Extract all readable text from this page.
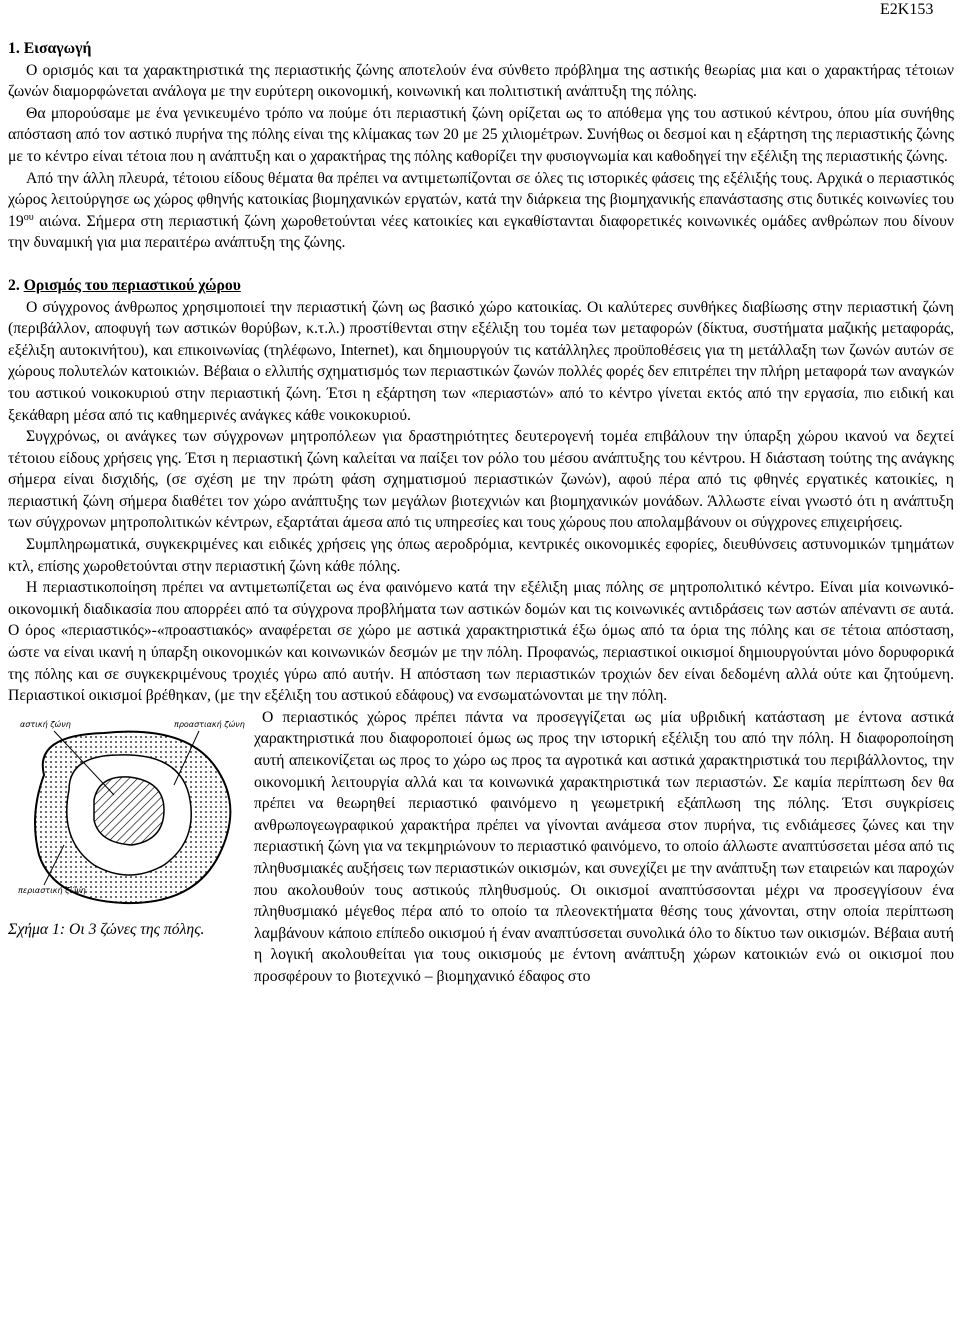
E2K153
1. Εισαγωγή

Ο ορισμός και τα χαρακτηριστικά της περιαστικής ζώνης αποτελούν ένα σύνθετο πρόβλημα της αστικής θεωρίας μια και ο χαρακτήρας τέτοιων ζωνών διαμορφώνεται ανάλογα με την ευρύτερη οικονομική, κοινωνική και πολιτιστική ανάπτυξη της πόλης.

Θα μπορούσαμε με ένα γενικευμένο τρόπο να πούμε ότι περιαστική ζώνη ορίζεται ως το απόθεμα γης του αστικού κέντρου, όπου μία συνήθης απόσταση από τον αστικό πυρήνα της πόλης είναι της κλίμακας των 20 με 25 χιλιομέτρων. Συνήθως οι δεσμοί και η εξάρτηση της περιαστικής ζώνης με το κέντρο είναι τέτοια που η ανάπτυξη και ο χαρακτήρας της πόλης καθορίζει την φυσιογνωμία και καθοδηγεί την εξέλιξη της περιαστικής ζώνης.

Από την άλλη πλευρά, τέτοιου είδους θέματα θα πρέπει να αντιμετωπίζονται σε όλες τις ιστορικές φάσεις της εξέλιξής τους. Αρχικά ο περιαστικός χώρος λειτούργησε ως χώρος φθηνής κατοικίας βιομηχανικών εργατών, κατά την διάρκεια της βιομηχανικής επανάστασης στις δυτικές κοινωνίες του $19^{o\upsilon}$ αιώνα. Σήμερα στη περιαστική ζώνη χωροθετούνται νέες κατοικίες και εγκαθίστανται διαφορετικές κοινωνικές ομάδες ανθρώπων που δίνουν την δυναμική για μια περαιτέρω ανάπτυξη της ζώνης.

2. Ορισμός του περιαστικού χώρου

Ο σύγχρονος άνθρωπος χρησιμοποιεί την περιαστική ζώνη ως βασικό χώρο κατοικίας. Οι καλύτερες συνθήκες διαβίωσης στην περιαστική ζώνη (περιβάλλον, αποφυγή των αστικών θορύβων, κ.τ.λ.) προστίθενται στην εξέλιξη του τομέα των μεταφορών (δίκτυα, συστήματα μαζικής μεταφοράς, εξέλιξη αυτοκινήτου), και επικοινωνίας (τηλέφωνο, Internet), και δημιουργούν τις κατάλληλες προϋποθέσεις για τη μετάλλαξη των ζωνών αυτών σε χώρους πολυτελών κατοικιών. Βέβαια ο ελλιπής σχηματισμός των περιαστικών ζωνών πολλές φορές δεν επιτρέπει την πλήρη μεταφορά των αναγκών του αστικού νοικοκυριού στην περιαστική ζώνη. Έτσι η εξάρτηση των «περιαστών» από το κέντρο γίνεται εκτός από την εργασία, πιο ειδική και ξεκάθαρη μέσα από τις καθημερινές ανάγκες κάθε νοικοκυριού.

Συγχρόνως, οι ανάγκες των σύγχρονων μητροπόλεων για δραστηριότητες δευτερογενή τομέα επιβάλουν την ύπαρξη χώρου ικανού να δεχτεί τέτοιου είδους χρήσεις γης. Έτσι η περιαστική ζώνη καλείται να παίξει τον ρόλο του μέσου ανάπτυξης του κέντρου. Η διάσταση τούτης της ανάγκης σήμερα είναι δισχιδής, (σε σχέση με την πρώτη φάση σχηματισμού περιαστικών ζωνών), αφού πέρα από τις φθηνές εργατικές κατοικίες, η περιαστική ζώνη σήμερα διαθέτει τον χώρο ανάπτυξης των μεγάλων βιοτεχνιών και βιομηχανικών μονάδων. Άλλωστε είναι γνωστό ότι η ανάπτυξη των σύγχρονων μητροπολιτικών κέντρων, εξαρτάται άμεσα από τις υπηρεσίες και τους χώρους που απολαμβάνουν οι σύγχρονες επιχειρήσεις.

Συμπληρωματικά, συγκεκριμένες και ειδικές χρήσεις γης όπως αεροδρόμια, κεντρικές οικονομικές εφορίες, διευθύνσεις αστυνομικών τμημάτων κτλ, επίσης χωροθετούνται στην περιαστική ζώνη κάθε πόλης.

Η περιαστικοποίηση πρέπει να αντιμετωπίζεται ως ένα φαινόμενο κατά την εξέλιξη μιας πόλης σε μητροπολιτικό κέντρο. Είναι μία κοινωνικό-οικονομική διαδικασία που απορρέει από τα σύγχρονα προβλήματα των αστικών δομών και τις κοινωνικές αντιδράσεις των αστών απέναντι σε αυτά. Ο όρος «περιαστικός»-«προαστιακός» αναφέρεται σε χώρο με αστικά χαρακτηριστικά έξω όμως από τα όρια της πόλης και σε τέτοια απόσταση, ώστε να είναι ικανή η ύπαρξη οικονομικών και κοινωνικών δεσμών με την πόλη. Προφανώς, περιαστικοί οικισμοί δημιουργούνται μόνο δορυφορικά της πόλης και σε συγκεκριμένους τροχιές γύρω από αυτήν. Η απόσταση των περιαστικών τροχιών δεν είναι δεδομένη αλλά ούτε και ζητούμενη. Περιαστικοί οικισμοί βρέθηκαν, (με την εξέλιξη του αστικού εδάφους) να ενσωματώνονται με την πόλη.

αστική ζώνη	προαστιακή ζώνη
περιαστική ζώνη
Σχήμα 1: Οι 3 ζώνες της πόλης.

Ο περιαστικός χώρος πρέπει πάντα να προσεγγίζεται ως μία υβριδική κατάσταση με έντονα αστικά χαρακτηριστικά που διαφοροποιεί όμως ως προς την ιστορική εξέλιξη του από την πόλη. Η διαφοροποίηση αυτή απεικονίζεται ως προς το χώρο ως προς τα αγροτικά και αστικά χαρακτηριστικά του περιβάλλοντος, την οικονομική λειτουργία αλλά και τα κοινωνικά χαρακτηριστικά των περιαστών. Σε καμία περίπτωση δεν θα πρέπει να θεωρηθεί περιαστικό φαινόμενο η γεωμετρική εξάπλωση της πόλης. Έτσι συγκρίσεις ανθρωπογεωγραφικού χαρακτήρα πρέπει να γίνονται ανάμεσα στον πυρήνα, τις ενδιάμεσες ζώνες και την περιαστική ζώνη για να τεκμηριώνουν το περιαστικό φαινόμενο, το οποίο άλλωστε αναπτύσσεται μέσα από τις πληθυσμιακές αυξήσεις των περιαστικών οικισμών, και συνεχίζει με την ανάπτυξη των εταιρειών και παροχών που ακολουθούν τους αστικούς πληθυσμούς. Οι οικισμοί αναπτύσσονται μέχρι να προσεγγίσουν ένα πληθυσμιακό μέγεθος πέρα από το οποίο τα πλεονεκτήματα θέσης τους χάνονται, στην οποία περίπτωση λαμβάνουν κάποιο επίπεδο οικισμού ή έναν αναπτύσσεται συνολικά όλο το δίκτυο των οικισμών. Βέβαια αυτή η λογική ακολουθείται για τους οικισμούς με έντονη ανάπτυξη χώρων κατοικιών ενώ οι οικισμοί που προσφέρουν το βιοτεχνικό – βιομηχανικό έδαφος στο
